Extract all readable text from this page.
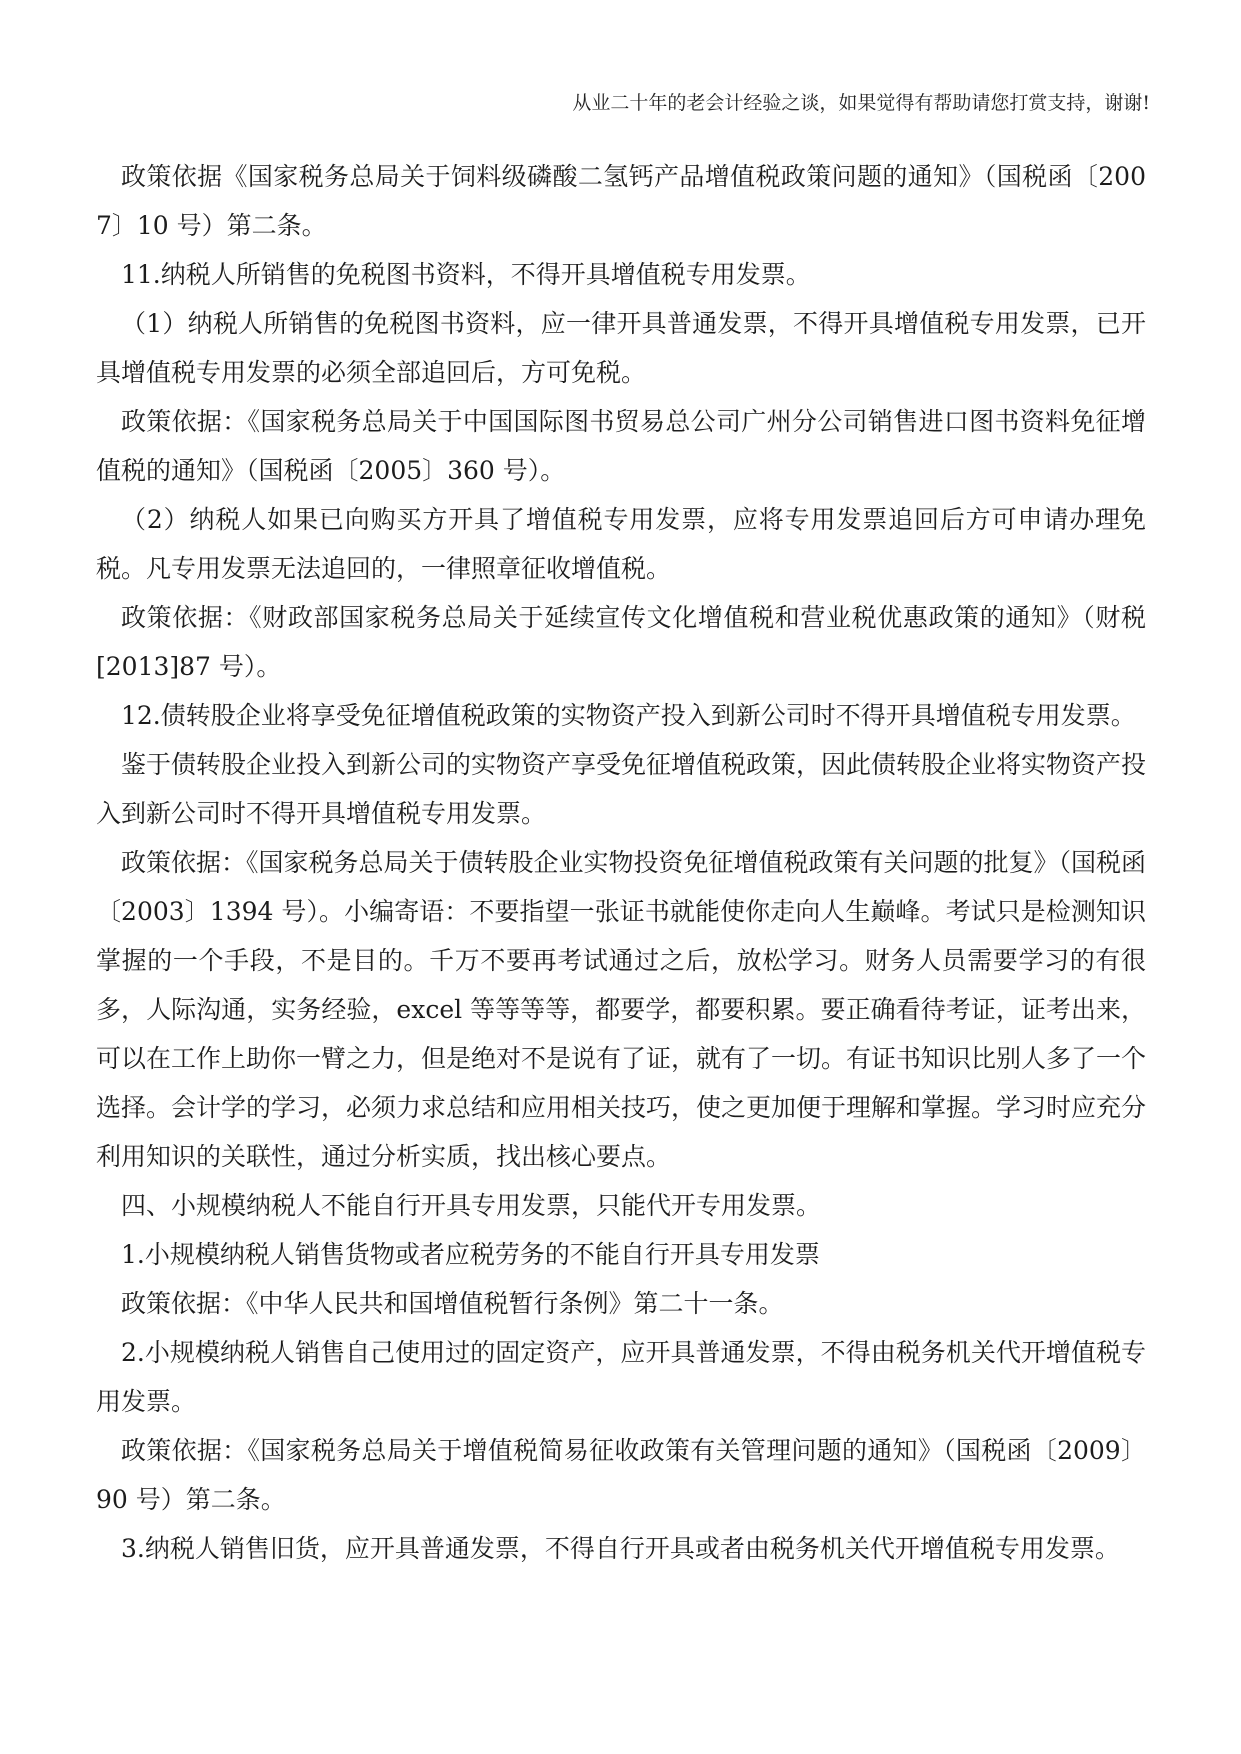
从业二十年的老会计经验之谈，如果觉得有帮助请您打赏支持，谢谢!

政策依据《国家税务总局关于饲料级磷酸二氢钙产品增值税政策问题的通知》（国税函〔2007〕10 号）第二条。

11.纳税人所销售的免税图书资料，不得开具增值税专用发票。

（1）纳税人所销售的免税图书资料，应一律开具普通发票，不得开具增值税专用发票，已开具增值税专用发票的必须全部追回后，方可免税。

政策依据：《国家税务总局关于中国国际图书贸易总公司广州分公司销售进口图书资料免征增值税的通知》（国税函〔2005〕360 号）。

（2）纳税人如果已向购买方开具了增值税专用发票，应将专用发票追回后方可申请办理免税。凡专用发票无法追回的，一律照章征收增值税。

政策依据：《财政部国家税务总局关于延续宣传文化增值税和营业税优惠政策的通知》（财税[2013]87 号）。

12.债转股企业将享受免征增值税政策的实物资产投入到新公司时不得开具增值税专用发票。

鉴于债转股企业投入到新公司的实物资产享受免征增值税政策，因此债转股企业将实物资产投入到新公司时不得开具增值税专用发票。

政策依据：《国家税务总局关于债转股企业实物投资免征增值税政策有关问题的批复》（国税函〔2003〕1394 号）。小编寄语：不要指望一张证书就能使你走向人生巅峰。考试只是检测知识掌握的一个手段，不是目的。千万不要再考试通过之后，放松学习。财务人员需要学习的有很多，人际沟通，实务经验，excel 等等等等，都要学，都要积累。要正确看待考证，证考出来，可以在工作上助你一臂之力，但是绝对不是说有了证，就有了一切。有证书知识比别人多了一个选择。会计学的学习，必须力求总结和应用相关技巧，使之更加便于理解和掌握。学习时应充分利用知识的关联性，通过分析实质，找出核心要点。

四、小规模纳税人不能自行开具专用发票，只能代开专用发票。

1.小规模纳税人销售货物或者应税劳务的不能自行开具专用发票

政策依据：《中华人民共和国增值税暂行条例》第二十一条。

2.小规模纳税人销售自己使用过的固定资产，应开具普通发票，不得由税务机关代开增值税专用发票。

政策依据：《国家税务总局关于增值税简易征收政策有关管理问题的通知》（国税函〔2009〕90 号）第二条。

3.纳税人销售旧货，应开具普通发票，不得自行开具或者由税务机关代开增值税专用发票。
